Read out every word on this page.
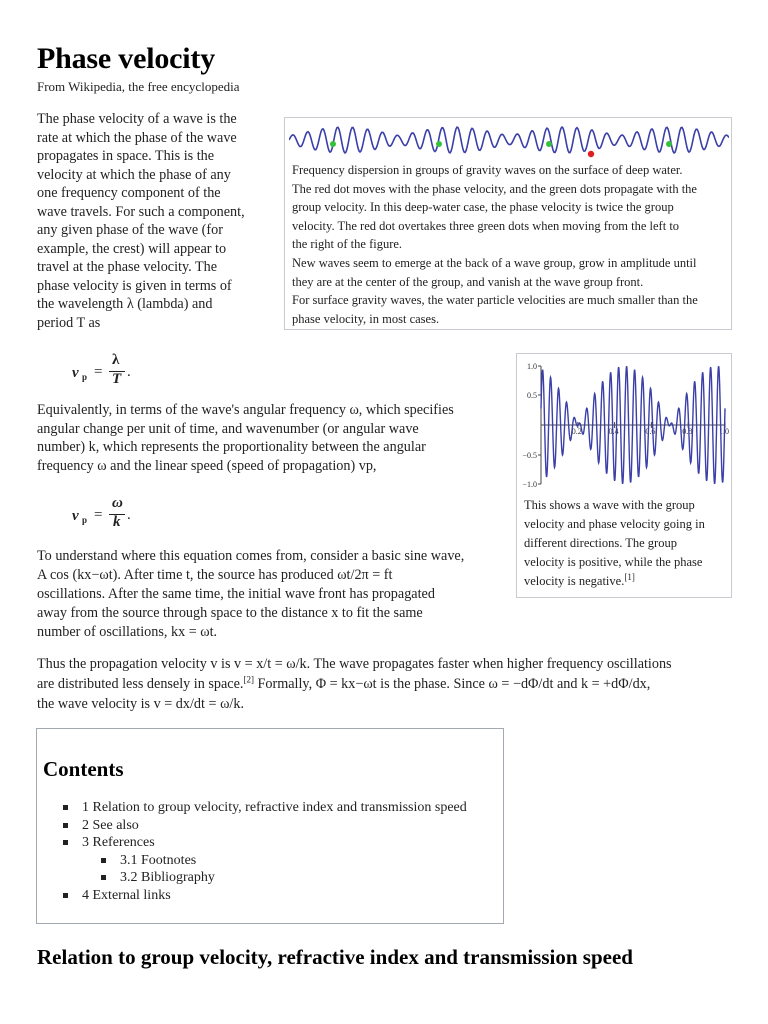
Phase velocity
From Wikipedia, the free encyclopedia
The phase velocity of a wave is the
rate at which the phase of the wave
propagates in space. This is the
velocity at which the phase of any
one frequency component of the
wave travels. For such a component,
any given phase of the wave (for
example, the crest) will appear to
travel at the phase velocity. The
phase velocity is given in terms of
the wavelength λ (lambda) and
period T as
Frequency dispersion in groups of gravity waves on the surface of deep water.
The red dot moves with the phase velocity, and the green dots propagate with the
group velocity. In this deep-water case, the phase velocity is twice the group
velocity. The red dot overtakes three green dots when moving from the left to
the right of the figure.
New waves seem to emerge at the back of a wave group, grow in amplitude until
they are at the center of the group, and vanish at the wave group front.
For surface gravity waves, the water particle velocities are much smaller than the
phase velocity, in most cases.
v p =
λ
T .	1.0
0.5
−0.5
−1.0
0.2	0.4	0.6	0.8	1.0
This shows a wave with the group
velocity and phase velocity going in
different directions. The group
velocity is positive, while the phase
velocity is negative.[1]
Equivalently, in terms of the wave's angular frequency ω, which specifies
angular change per unit of time, and wavenumber (or angular wave
number) k, which represents the proportionality between the angular
frequency ω and the linear speed (speed of propagation) vp,
v p =
ω
k .
To understand where this equation comes from, consider a basic sine wave,
A cos (kx−ωt). After time t, the source has produced ωt/2π = ft
oscillations. After the same time, the initial wave front has propagated
away from the source through space to the distance x to fit the same
number of oscillations, kx = ωt.
Thus the propagation velocity v is v = x/t = ω/k. The wave propagates faster when higher frequency oscillations
are distributed less densely in space.[2] Formally, Φ = kx−ωt is the phase. Since ω = −dΦ/dt and k = +dΦ/dx,
the wave velocity is v = dx/dt = ω/k.
Contents
1 Relation to group velocity, refractive index and transmission speed
2 See also
3 References
3.1 Footnotes
3.2 Bibliography
4 External links
Relation to group velocity, refractive index and transmission speed
